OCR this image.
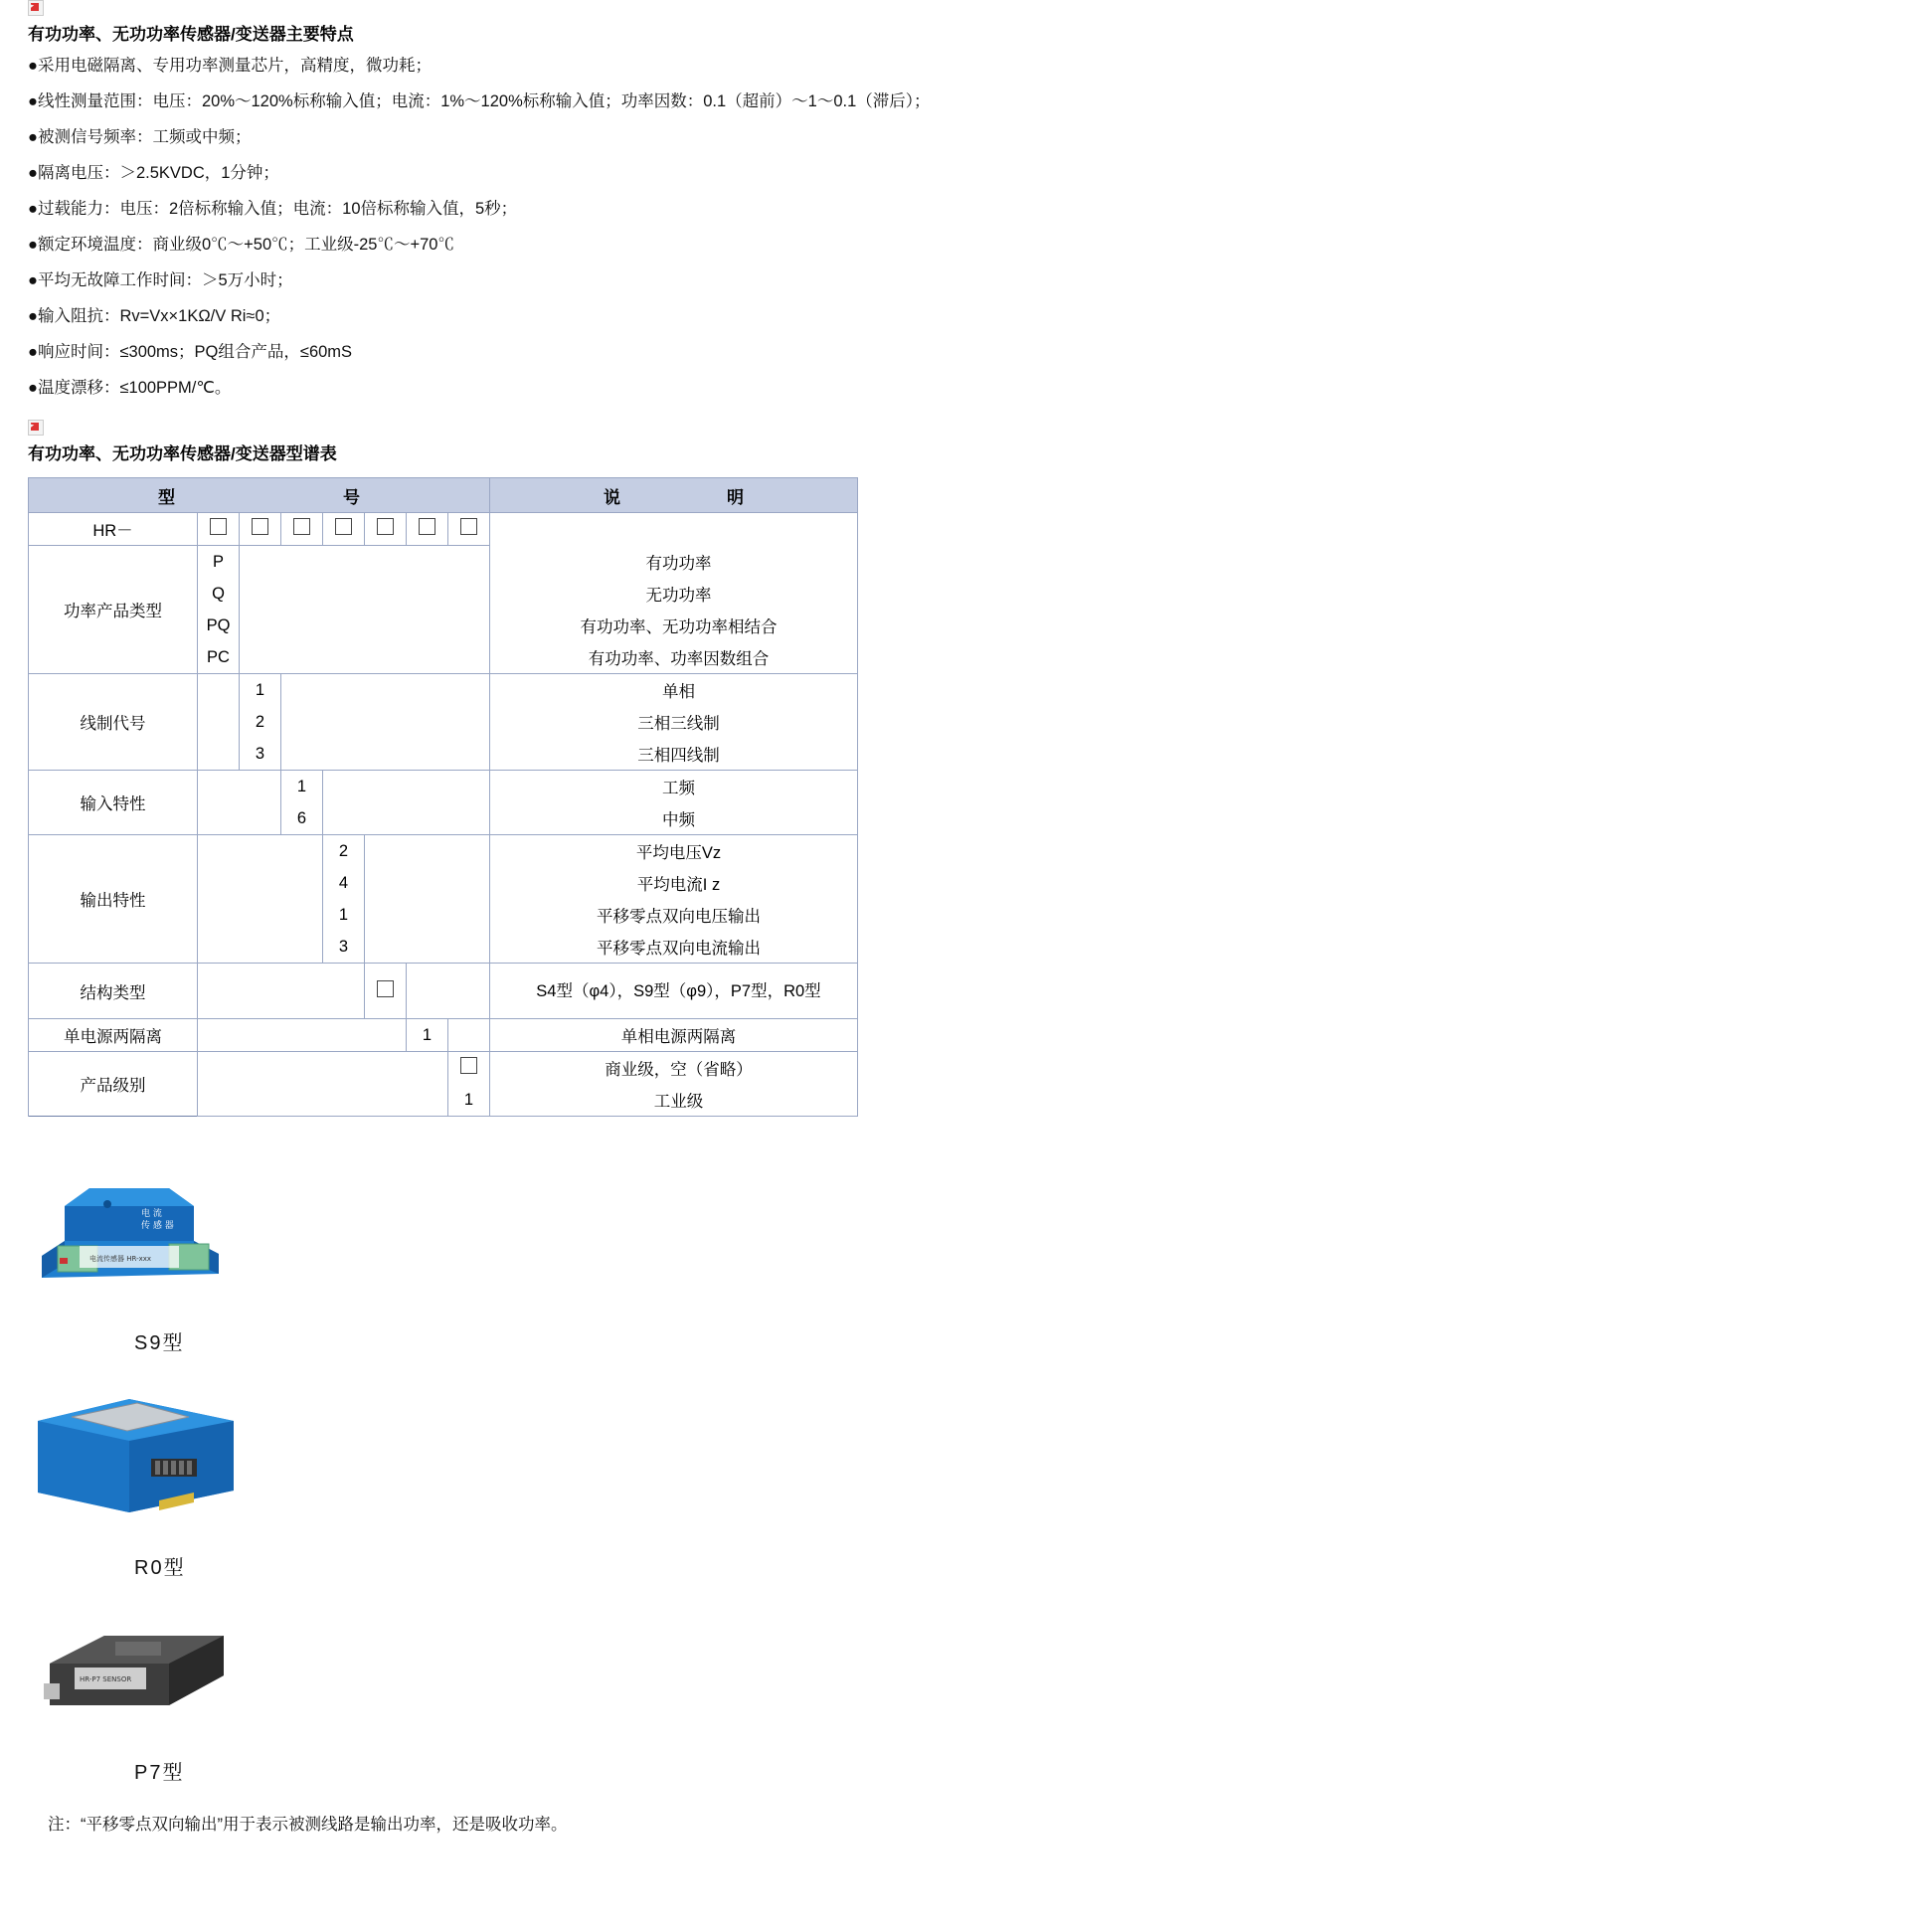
有功功率、无功功率传感器/变送器主要特点
●采用电磁隔离、专用功率测量芯片，高精度，微功耗；
●线性测量范围：电压：20%～120%标称输入值；电流：1%～120%标称输入值；功率因数：0.1（超前）～1～0.1（滞后）；
●被测信号频率：工频或中频；
●隔离电压：＞2.5KVDC，1分钟；
●过载能力：电压：2倍标称输入值；电流：10倍标称输入值，5秒；
●额定环境温度：商业级0℃～+50℃；工业级-25℃～+70℃
●平均无故障工作时间：＞5万小时；
●输入阻抗：Rv=Vx×1KΩ/V Ri≈0；
●响应时间：≤300ms；PQ组合产品，≤60mS
●温度漂移：≤100PPM/℃。
有功功率、无功功率传感器/变送器型谱表
型　　　　　号								说　　　明
HR－								
功率产品类型	P							有功功率
	Q							无功功率
	PQ							有功功率、无功功率相结合
	PC							有功功率、功率因数组合
线制代号		1						单相
		2						三相三线制
		3						三相四线制
输入特性			1					工频
			6					中频
输出特性				2				平均电压Vz
				4				平均电流I z
				1				平移零点双向电压输出
				3				平移零点双向电流输出
结构类型								S4型（φ4），S9型（φ9），P7型，R0型
单电源两隔离						1		单相电源两隔离
产品级别								商业级，空（省略）
							1	工业级
电流传感器 HR-xxx
电 流
传 感 器
S9型
R0型
HR-P7 SENSOR
P7型
注：“平移零点双向输出”用于表示被测线路是输出功率，还是吸收功率。
